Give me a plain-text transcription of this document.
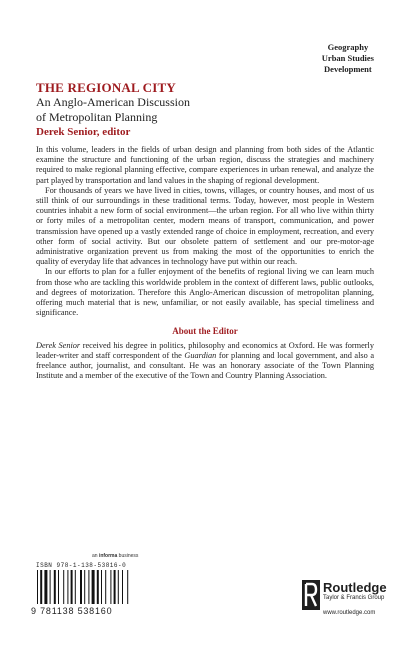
Geography
Urban Studies
Development
THE REGIONAL CITY
An Anglo-American Discussion
of Metropolitan Planning
Derek Senior, editor

In this volume, leaders in the fields of urban design and planning from both sides of the Atlantic examine the structure and functioning of the urban region, discuss the strategies and machinery required to make regional planning effective, compare experiences in urban renewal, and analyze the part played by transportation and land values in the shaping of regional development.

For thousands of years we have lived in cities, towns, villages, or country houses, and most of us still think of our surroundings in these traditional terms. Today, however, most people in Western countries inhabit a new form of social environment—the urban region. For all who live within thirty or forty miles of a metropolitan center, modern means of transport, communication, and power transmission have opened up a vastly extended range of choice in employment, recreation, and every other form of social activity. But our obsolete pattern of settlement and our pre-motor-age administrative organization prevent us from making the most of the opportunities to enrich the quality of everyday life that advances in technology have put within our reach.

In our efforts to plan for a fuller enjoyment of the benefits of regional living we can learn much from those who are tackling this worldwide problem in the context of different laws, public outlooks, and degrees of motorization. Therefore this Anglo-American discussion of metropolitan planning, offering much material that is new, unfamiliar, or not easily available, has special timeliness and significance.

About the Editor

Derek Senior received his degree in politics, philosophy and economics at Oxford. He was formerly leader-writer and staff correspondent of the Guardian for planning and local government, and also a freelance author, journalist, and consultant. He was an honorary associate of the Town Planning Institute and a member of the executive of the Town and Country Planning Association.

an informa business
ISBN 978-1-138-53816-0
9 781138 538160
Routledge
Taylor & Francis Group
www.routledge.com
